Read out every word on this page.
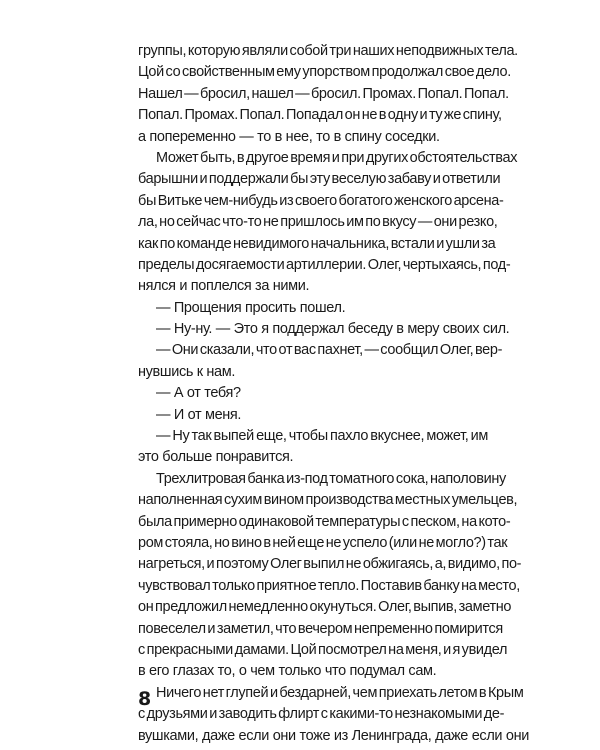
группы, которую являли собой три наших неподвижных тела.
Цой со свойственным ему упорством продолжал свое дело.
Нашел — бросил, нашел — бросил. Промах. Попал. Попал.
Попал. Промах. Попал. Попадал он не в одну и ту же спину,
а попеременно — то в нее, то в спину соседки.
Может быть, в другое время и при других обстоятельствах
барышни и поддержали бы эту веселую забаву и ответили
бы Витьке чем-нибудь из своего богатого женского арсена-
ла, но сейчас что-то не пришлось им по вкусу — они резко,
как по команде невидимого начальника, встали и ушли за
пределы досягаемости артиллерии. Олег, чертыхаясь, под-
нялся и поплелся за ними.
— Прощения просить пошел.
— Ну-ну. — Это я поддержал беседу в меру своих сил.
— Они сказали, что от вас пахнет, — сообщил Олег, вер-
нувшись к нам.
— А от тебя?
— И от меня.
— Ну так выпей еще, чтобы пахло вкуснее, может, им
это больше понравится.
Трехлитровая банка из-под томатного сока, наполовину
наполненная сухим вином производства местных умельцев,
была примерно одинаковой температуры с песком, на кото-
ром стояла, но вино в ней еще не успело (или не могло?) так
нагреться, и поэтому Олег выпил не обжигаясь, а, видимо, по-
чувствовал только приятное тепло. Поставив банку на место,
он предложил немедленно окунуться. Олег, выпив, заметно
повеселел и заметил, что вечером непременно помирится
с прекрасными дамами. Цой посмотрел на меня, и я увидел
в его глазах то, о чем только что подумал сам.
Ничего нет глупей и бездарней, чем приехать летом в Крым
с друзьями и заводить флирт с какими-то незнакомыми де-
вушками, даже если они тоже из Ленинграда, даже если они
8
